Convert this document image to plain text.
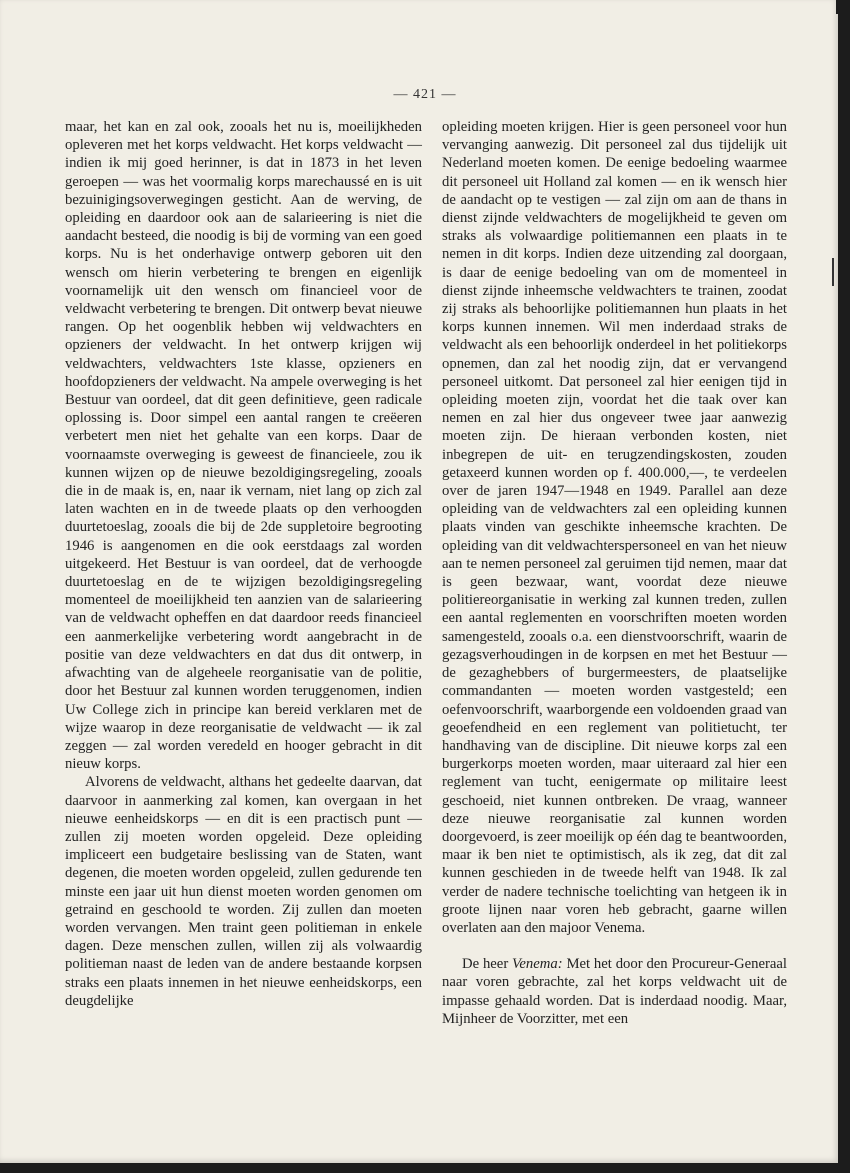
— 421 —

maar, het kan en zal ook, zooals het nu is, moeilijkheden opleveren met het korps veldwacht. Het korps veldwacht — indien ik mij goed herinner, is dat in 1873 in het leven geroepen — was het voormalig korps marechaussé en is uit bezuinigingsoverwegingen gesticht. Aan de werving, de opleiding en daardoor ook aan de salarieering is niet die aandacht besteed, die noodig is bij de vorming van een goed korps. Nu is het onderhavige ontwerp geboren uit den wensch om hierin verbetering te brengen en eigenlijk voornamelijk uit den wensch om financieel voor de veldwacht verbetering te brengen. Dit ontwerp bevat nieuwe rangen. Op het oogenblik hebben wij veldwachters en opzieners der veldwacht. In het ontwerp krijgen wij veldwachters, veldwachters 1ste klasse, opzieners en hoofdopzieners der veldwacht. Na ampele overweging is het Bestuur van oordeel, dat dit geen definitieve, geen radicale oplossing is. Door simpel een aantal rangen te creëeren verbetert men niet het gehalte van een korps. Daar de voornaamste overweging is geweest de financieele, zou ik kunnen wijzen op de nieuwe bezoldigingsregeling, zooals die in de maak is, en, naar ik vernam, niet lang op zich zal laten wachten en in de tweede plaats op den verhoogden duurtetoeslag, zooals die bij de 2de suppletoire begrooting 1946 is aangenomen en die ook eerstdaags zal worden uitgekeerd. Het Bestuur is van oordeel, dat de verhoogde duurtetoeslag en de te wijzigen bezoldigingsregeling momenteel de moeilijkheid ten aanzien van de salarieering van de veldwacht opheffen en dat daardoor reeds financieel een aanmerkelijke verbetering wordt aangebracht in de positie van deze veldwachters en dat dus dit ontwerp, in afwachting van de algeheele reorganisatie van de politie, door het Bestuur zal kunnen worden teruggenomen, indien Uw College zich in principe kan bereid verklaren met de wijze waarop in deze reorganisatie de veldwacht — ik zal zeggen — zal worden veredeld en hooger gebracht in dit nieuw korps.

Alvorens de veldwacht, althans het gedeelte daarvan, dat daarvoor in aanmerking zal komen, kan overgaan in het nieuwe eenheidskorps — en dit is een practisch punt — zullen zij moeten worden opgeleid. Deze opleiding impliceert een budgetaire beslissing van de Staten, want degenen, die moeten worden opgeleid, zullen gedurende ten minste een jaar uit hun dienst moeten worden genomen om getraind en geschoold te worden. Zij zullen dan moeten worden vervangen. Men traint geen politieman in enkele dagen. Deze menschen zullen, willen zij als volwaardig politieman naast de leden van de andere bestaande korpsen straks een plaats innemen in het nieuwe eenheidskorps, een deugdelijke

opleiding moeten krijgen. Hier is geen personeel voor hun vervanging aanwezig. Dit personeel zal dus tijdelijk uit Nederland moeten komen. De eenige bedoeling waarmee dit personeel uit Holland zal komen — en ik wensch hier de aandacht op te vestigen — zal zijn om aan de thans in dienst zijnde veldwachters de mogelijkheid te geven om straks als volwaardige politiemannen een plaats in te nemen in dit korps. Indien deze uitzending zal doorgaan, is daar de eenige bedoeling van om de momenteel in dienst zijnde inheemsche veldwachters te trainen, zoodat zij straks als behoorlijke politiemannen hun plaats in het korps kunnen innemen. Wil men inderdaad straks de veldwacht als een behoorlijk onderdeel in het politiekorps opnemen, dan zal het noodig zijn, dat er vervangend personeel uitkomt. Dat personeel zal hier eenigen tijd in opleiding moeten zijn, voordat het die taak over kan nemen en zal hier dus ongeveer twee jaar aanwezig moeten zijn. De hieraan verbonden kosten, niet inbegrepen de uit- en terugzendingskosten, zouden getaxeerd kunnen worden op f. 400.000,—, te verdeelen over de jaren 1947—1948 en 1949. Parallel aan deze opleiding van de veldwachters zal een opleiding kunnen plaats vinden van geschikte inheemsche krachten. De opleiding van dit veldwachterspersoneel en van het nieuw aan te nemen personeel zal geruimen tijd nemen, maar dat is geen bezwaar, want, voordat deze nieuwe politiereorganisatie in werking zal kunnen treden, zullen een aantal reglementen en voorschriften moeten worden samengesteld, zooals o.a. een dienstvoorschrift, waarin de gezagsverhoudingen in de korpsen en met het Bestuur — de gezaghebbers of burgermeesters, de plaatselijke commandanten — moeten worden vastgesteld; een oefenvoorschrift, waarborgende een voldoenden graad van geoefendheid en een reglement van politietucht, ter handhaving van de discipline. Dit nieuwe korps zal een burgerkorps moeten worden, maar uiteraard zal hier een reglement van tucht, eenigermate op militaire leest geschoeid, niet kunnen ontbreken. De vraag, wanneer deze nieuwe reorganisatie zal kunnen worden doorgevoerd, is zeer moeilijk op één dag te beantwoorden, maar ik ben niet te optimistisch, als ik zeg, dat dit zal kunnen geschieden in de tweede helft van 1948. Ik zal verder de nadere technische toelichting van hetgeen ik in groote lijnen naar voren heb gebracht, gaarne willen overlaten aan den majoor Venema.

De heer Venema: Met het door den Procureur-Generaal naar voren gebrachte, zal het korps veldwacht uit de impasse gehaald worden. Dat is inderdaad noodig. Maar, Mijnheer de Voorzitter, met een
